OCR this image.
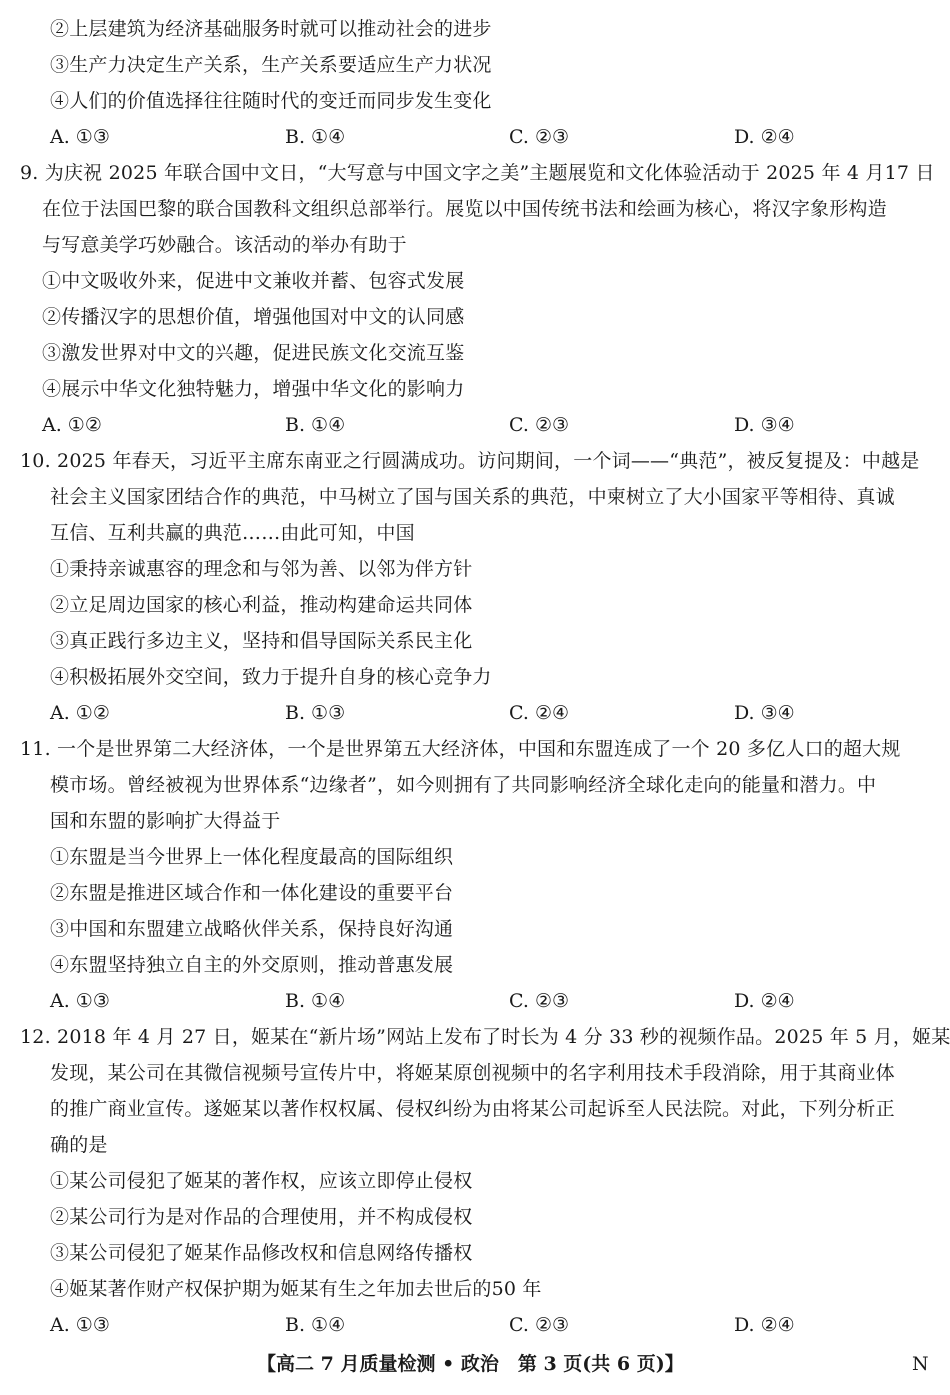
②上层建筑为经济基础服务时就可以推动社会的进步
③生产力决定生产关系，生产关系要适应生产力状况
④人们的价值选择往往随时代的变迁而同步发生变化
A. ①③	B. ①④	C. ②③	D. ②④
9. 为庆祝 2025 年联合国中文日，“大写意与中国文字之美”主题展览和文化体验活动于 2025 年 4 月17 日
在位于法国巴黎的联合国教科文组织总部举行。展览以中国传统书法和绘画为核心，将汉字象形构造
与写意美学巧妙融合。该活动的举办有助于
①中文吸收外来，促进中文兼收并蓄、包容式发展
②传播汉字的思想价值，增强他国对中文的认同感
③激发世界对中文的兴趣，促进民族文化交流互鉴
④展示中华文化独特魅力，增强中华文化的影响力
A. ①②	B. ①④	C. ②③	D. ③④
10. 2025 年春天，习近平主席东南亚之行圆满成功。访问期间，一个词——“典范”，被反复提及：中越是
社会主义国家团结合作的典范，中马树立了国与国关系的典范，中柬树立了大小国家平等相待、真诚
互信、互利共赢的典范……由此可知，中国
①秉持亲诚惠容的理念和与邻为善、以邻为伴方针
②立足周边国家的核心利益，推动构建命运共同体
③真正践行多边主义，坚持和倡导国际关系民主化
④积极拓展外交空间，致力于提升自身的核心竞争力
A. ①②	B. ①③	C. ②④	D. ③④
11. 一个是世界第二大经济体，一个是世界第五大经济体，中国和东盟连成了一个 20 多亿人口的超大规
模市场。曾经被视为世界体系“边缘者”，如今则拥有了共同影响经济全球化走向的能量和潜力。中
国和东盟的影响扩大得益于
①东盟是当今世界上一体化程度最高的国际组织
②东盟是推进区域合作和一体化建设的重要平台
③中国和东盟建立战略伙伴关系，保持良好沟通
④东盟坚持独立自主的外交原则，推动普惠发展
A. ①③	B. ①④	C. ②③	D. ②④
12. 2018 年 4 月 27 日，姬某在“新片场”网站上发布了时长为 4 分 33 秒的视频作品。2025 年 5 月，姬某
发现，某公司在其微信视频号宣传片中，将姬某原创视频中的名字利用技术手段消除，用于其商业体
的推广商业宣传。遂姬某以著作权权属、侵权纠纷为由将某公司起诉至人民法院。对此，下列分析正
确的是
①某公司侵犯了姬某的著作权，应该立即停止侵权
②某公司行为是对作品的合理使用，并不构成侵权
③某公司侵犯了姬某作品修改权和信息网络传播权
④姬某著作财产权保护期为姬某有生之年加去世后的50 年
A. ①③	B. ①④	C. ②③	D. ②④
【高二 7 月质量检测 • 政治　第 3 页(共 6 页)】	N
